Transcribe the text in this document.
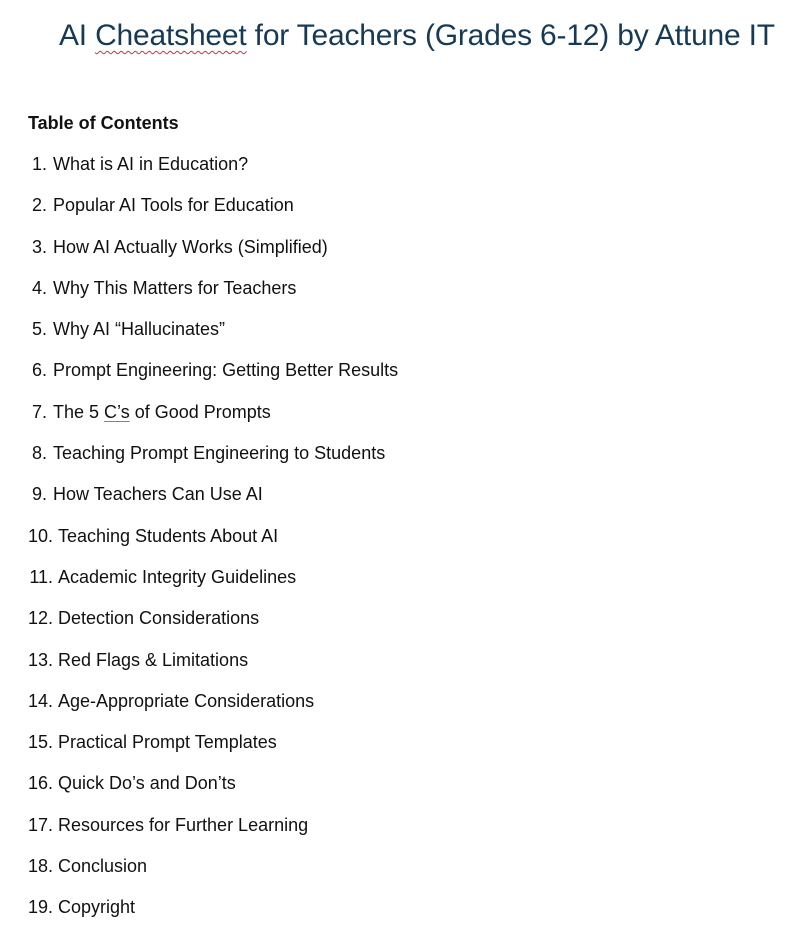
AI Cheatsheet for Teachers (Grades 6-12) by Attune IT
Table of Contents
1. What is AI in Education?
2. Popular AI Tools for Education
3. How AI Actually Works (Simplified)
4. Why This Matters for Teachers
5. Why AI “Hallucinates”
6. Prompt Engineering: Getting Better Results
7. The 5 C’s of Good Prompts
8. Teaching Prompt Engineering to Students
9. How Teachers Can Use AI
10. Teaching Students About AI
11. Academic Integrity Guidelines
12. Detection Considerations
13. Red Flags & Limitations
14. Age-Appropriate Considerations
15. Practical Prompt Templates
16. Quick Do’s and Don’ts
17. Resources for Further Learning
18. Conclusion
19. Copyright
